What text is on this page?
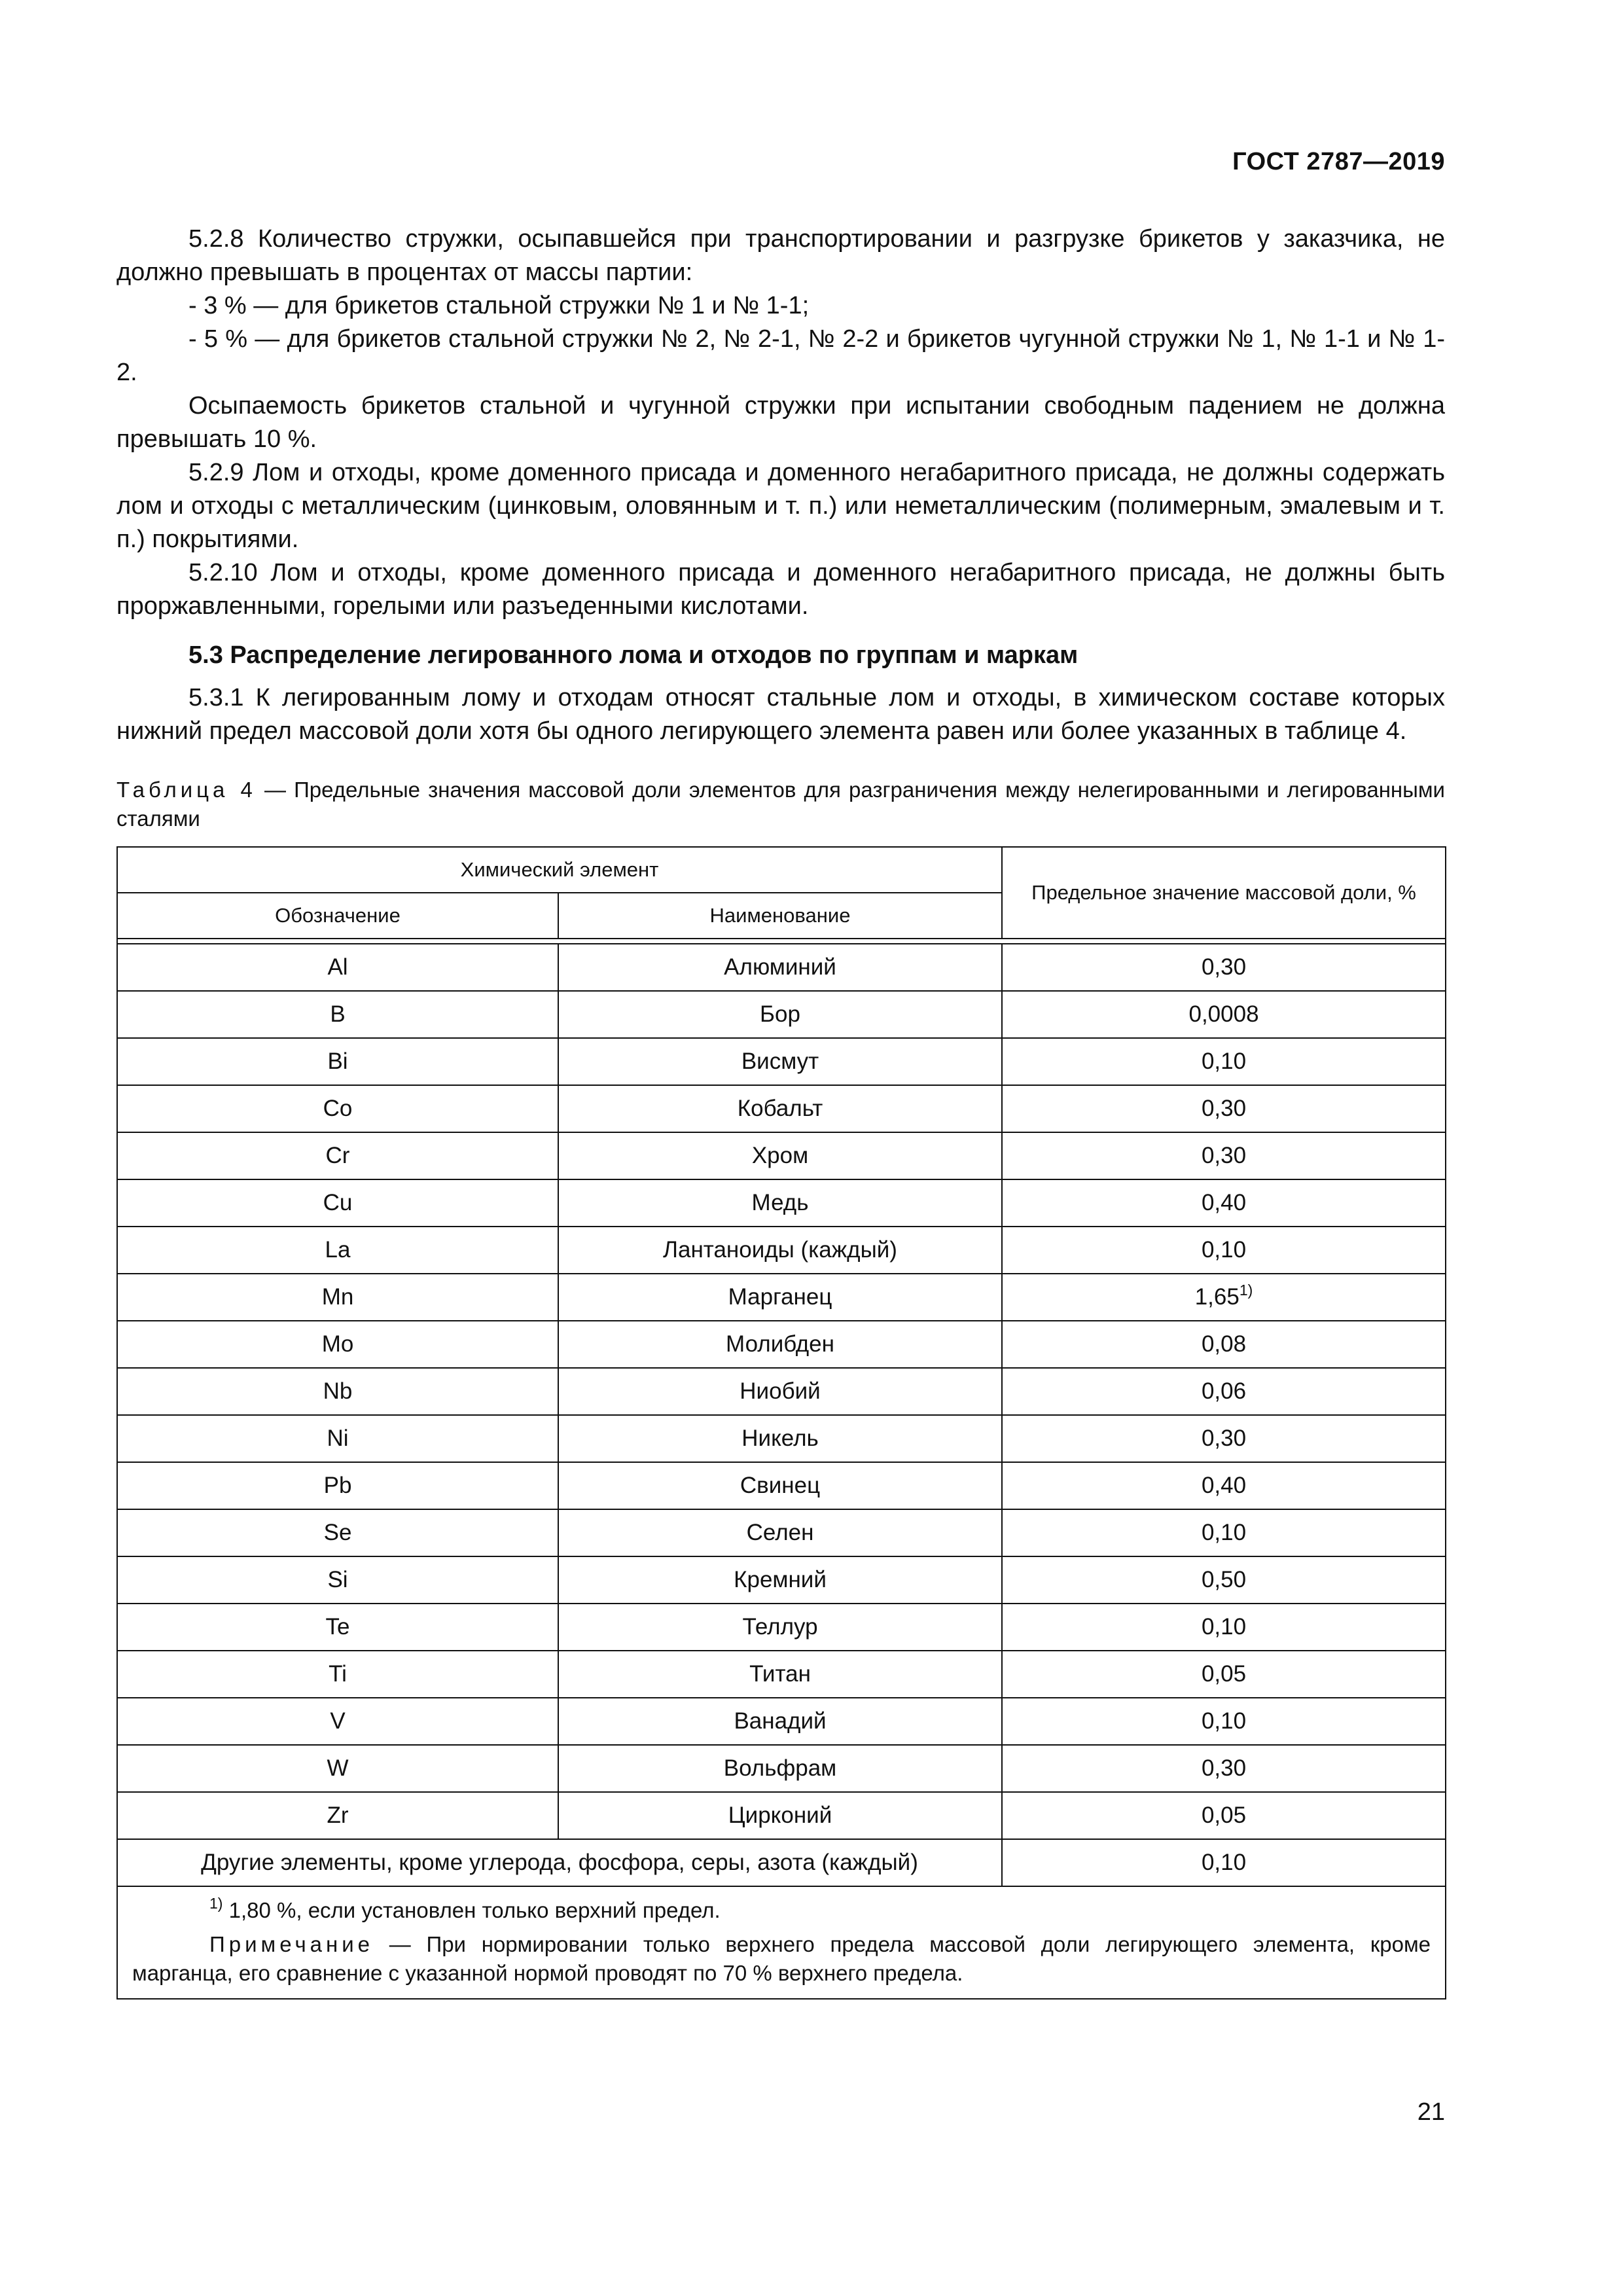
ГОСТ 2787—2019

5.2.8 Количество стружки, осыпавшейся при транспортировании и разгрузке брикетов у заказчика, не должно превышать в процентах от массы партии:

- 3 % — для брикетов стальной стружки № 1 и № 1-1;

- 5 % — для брикетов стальной стружки № 2, № 2-1, № 2-2 и брикетов чугунной стружки № 1, № 1-1 и № 1-2.

Осыпаемость брикетов стальной и чугунной стружки при испытании свободным падением не должна превышать 10 %.

5.2.9 Лом и отходы, кроме доменного присада и доменного негабаритного присада, не должны содержать лом и отходы с металлическим (цинковым, оловянным и т. п.) или неметаллическим (полимерным, эмалевым и т. п.) покрытиями.

5.2.10 Лом и отходы, кроме доменного присада и доменного негабаритного присада, не должны быть проржавленными, горелыми или разъеденными кислотами.

5.3 Распределение легированного лома и отходов по группам и маркам

5.3.1 К легированным лому и отходам относят стальные лом и отходы, в химическом составе которых нижний предел массовой доли хотя бы одного легирующего элемента равен или более указанных в таблице 4.

Таблица 4 — Предельные значения массовой доли элементов для разграничения между нелегированными и легированными сталями
Химический элемент		Предельное значение массовой доли, %
Обозначение	Наименование	

Al	Алюминий	0,30
B	Бор	0,0008
Bi	Висмут	0,10
Co	Кобальт	0,30
Cr	Хром	0,30
Cu	Медь	0,40
La	Лантаноиды (каждый)	0,10
Mn	Марганец	1,65$^{1)}$
Mo	Молибден	0,08
Nb	Ниобий	0,06
Ni	Никель	0,30
Pb	Свинец	0,40
Se	Селен	0,10
Si	Кремний	0,50
Te	Теллур	0,10
Ti	Титан	0,05
V	Ванадий	0,10
W	Вольфрам	0,30
Zr	Цирконий	0,05
Другие элементы, кроме углерода, фосфора, серы, азота (каждый)		0,10

$^{1)}$ 1,80 %, если установлен только верхний предел.
Примечание — При нормировании только верхнего предела массовой доли легирующего элемента, кроме марганца, его сравнение с указанной нормой проводят по 70 % верхнего предела.		
21
